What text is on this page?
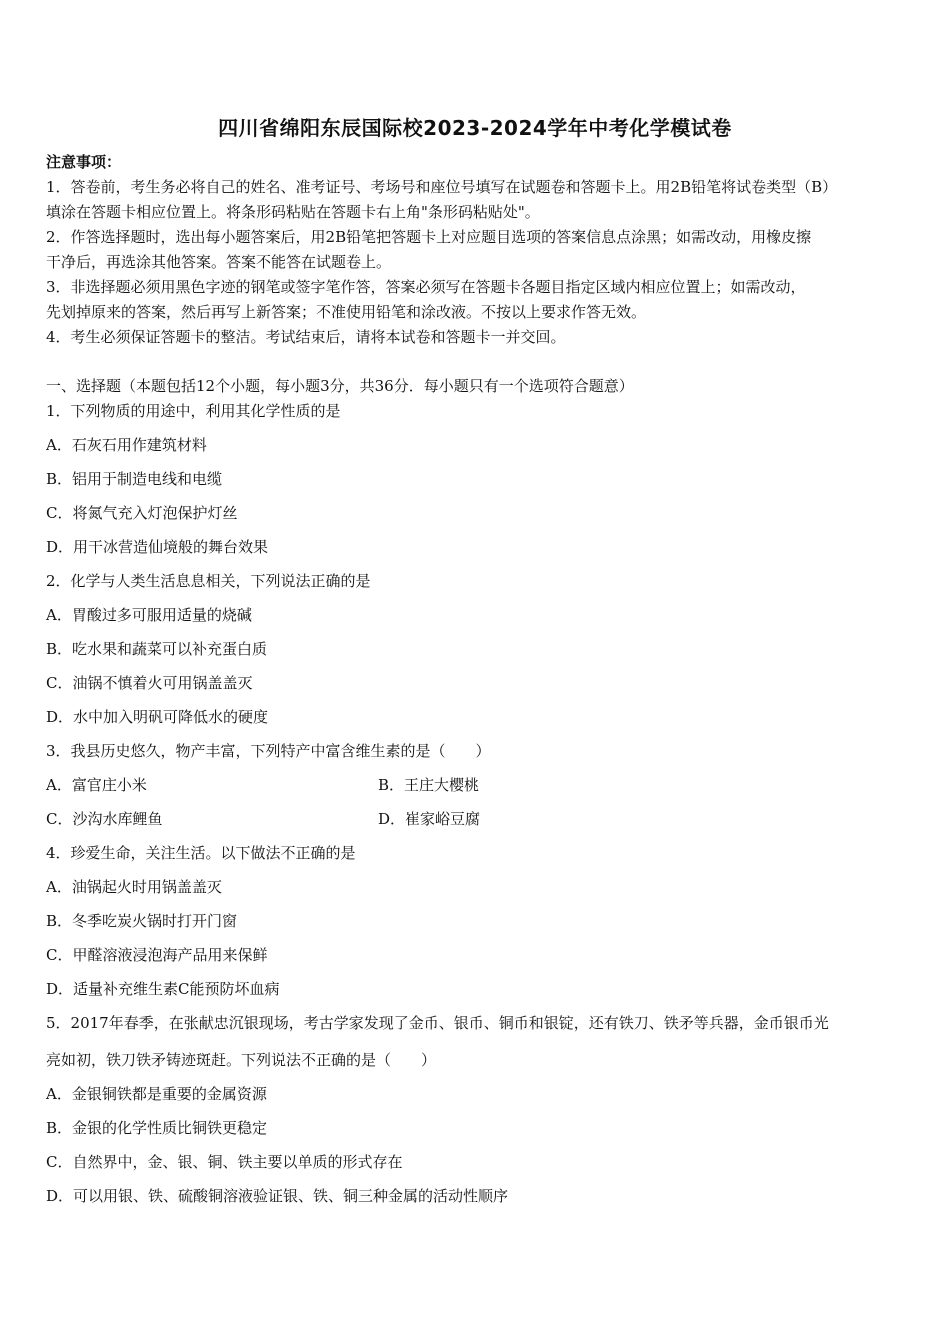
四川省绵阳东辰国际校2023-2024学年中考化学模试卷
注意事项：
1．答卷前，考生务必将自己的姓名、准考证号、考场号和座位号填写在试题卷和答题卡上。用2B铅笔将试卷类型（B）
填涂在答题卡相应位置上。将条形码粘贴在答题卡右上角"条形码粘贴处"。
2．作答选择题时，选出每小题答案后，用2B铅笔把答题卡上对应题目选项的答案信息点涂黑；如需改动，用橡皮擦
干净后，再选涂其他答案。答案不能答在试题卷上。
3．非选择题必须用黑色字迹的钢笔或签字笔作答，答案必须写在答题卡各题目指定区域内相应位置上；如需改动，
先划掉原来的答案，然后再写上新答案；不准使用铅笔和涂改液。不按以上要求作答无效。
4．考生必须保证答题卡的整洁。考试结束后，请将本试卷和答题卡一并交回。
一、选择题（本题包括12个小题，每小题3分，共36分．每小题只有一个选项符合题意）
1．下列物质的用途中，利用其化学性质的是
A．石灰石用作建筑材料
B．铝用于制造电线和电缆
C．将氮气充入灯泡保护灯丝
D．用干冰营造仙境般的舞台效果
2．化学与人类生活息息相关，下列说法正确的是
A．胃酸过多可服用适量的烧碱
B．吃水果和蔬菜可以补充蛋白质
C．油锅不慎着火可用锅盖盖灭
D．水中加入明矾可降低水的硬度
3．我县历史悠久，物产丰富，下列特产中富含维生素的是（　　）
A．富官庄小米	B．王庄大樱桃
C．沙沟水库鲤鱼	D．崔家峪豆腐
4．珍爱生命，关注生活。以下做法不正确的是
A．油锅起火时用锅盖盖灭
B．冬季吃炭火锅时打开门窗
C．甲醛溶液浸泡海产品用来保鲜
D．适量补充维生素C能预防坏血病
5．2017年春季，在张献忠沉银现场，考古学家发现了金币、银币、铜币和银锭，还有铁刀、铁矛等兵器，金币银币光
亮如初，铁刀铁矛铸迹斑赶。下列说法不正确的是（　　）
A．金银铜铁都是重要的金属资源
B．金银的化学性质比铜铁更稳定
C．自然界中，金、银、铜、铁主要以单质的形式存在
D．可以用银、铁、硫酸铜溶液验证银、铁、铜三种金属的活动性顺序
